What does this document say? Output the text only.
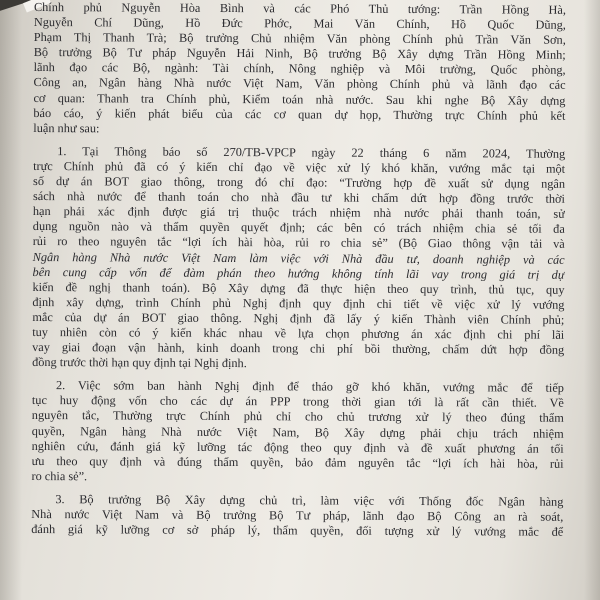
Chính phủ Nguyễn Hòa Bình và các Phó Thủ tướng: Trần Hồng Hà,
Nguyễn Chí Dũng, Hồ Đức Phớc, Mai Văn Chính, Hồ Quốc Dũng,
Phạm Thị Thanh Trà; Bộ trưởng Chủ nhiệm Văn phòng Chính phủ Trần Văn Sơn,
Bộ trưởng Bộ Tư pháp Nguyễn Hải Ninh, Bộ trưởng Bộ Xây dựng Trần Hồng Minh;
lãnh đạo các Bộ, ngành: Tài chính, Nông nghiệp và Môi trường, Quốc phòng,
Công an, Ngân hàng Nhà nước Việt Nam, Văn phòng Chính phủ và lãnh đạo các
cơ quan: Thanh tra Chính phủ, Kiểm toán nhà nước. Sau khi nghe Bộ Xây dựng
báo cáo, ý kiến phát biểu của các cơ quan dự họp, Thường trực Chính phủ kết
luận như sau:
1. Tại Thông báo số 270/TB-VPCP ngày 22 tháng 6 năm 2024, Thường
trực Chính phủ đã có ý kiến chỉ đạo về việc xử lý khó khăn, vướng mắc tại một
số dự án BOT giao thông, trong đó chỉ đạo: “Trường hợp đề xuất sử dụng ngân
sách nhà nước để thanh toán cho nhà đầu tư khi chấm dứt hợp đồng trước thời
hạn phải xác định được giá trị thuộc trách nhiệm nhà nước phải thanh toán, sử
dụng nguồn nào và thẩm quyền quyết định; các bên có trách nhiệm chia sẻ tối đa
rủi ro theo nguyên tắc “lợi ích hài hòa, rủi ro chia sẻ” (Bộ Giao thông vận tải và
Ngân hàng Nhà nước Việt Nam làm việc với Nhà đầu tư, doanh nghiệp và các
bên cung cấp vốn để đàm phán theo hướng không tính lãi vay trong giá trị dự
kiến đề nghị thanh toán). Bộ Xây dựng đã thực hiện theo quy trình, thủ tục, quy
định xây dựng, trình Chính phủ Nghị định quy định chi tiết về việc xử lý vướng
mắc của dự án BOT giao thông. Nghị định đã lấy ý kiến Thành viên Chính phủ;
tuy nhiên còn có ý kiến khác nhau về lựa chọn phương án xác định chi phí lãi
vay giai đoạn vận hành, kinh doanh trong chi phí bồi thường, chấm dứt hợp đồng
đồng trước thời hạn quy định tại Nghị định.
2. Việc sớm ban hành Nghị định để tháo gỡ khó khăn, vướng mắc để tiếp
tục huy động vốn cho các dự án PPP trong thời gian tới là rất cần thiết. Về
nguyên tắc, Thường trực Chính phủ chỉ cho chủ trương xử lý theo đúng thẩm
quyền, Ngân hàng Nhà nước Việt Nam, Bộ Xây dựng phải chịu trách nhiệm
nghiên cứu, đánh giá kỹ lưỡng tác động theo quy định và đề xuất phương án tối
ưu theo quy định và đúng thẩm quyền, bảo đảm nguyên tắc “lợi ích hài hòa, rủi
ro chia sẻ”.
3. Bộ trưởng Bộ Xây dựng chủ trì, làm việc với Thống đốc Ngân hàng
Nhà nước Việt Nam và Bộ trưởng Bộ Tư pháp, lãnh đạo Bộ Công an rà soát,
đánh giá kỹ lưỡng cơ sở pháp lý, thẩm quyền, đối tượng xử lý vướng mắc để
